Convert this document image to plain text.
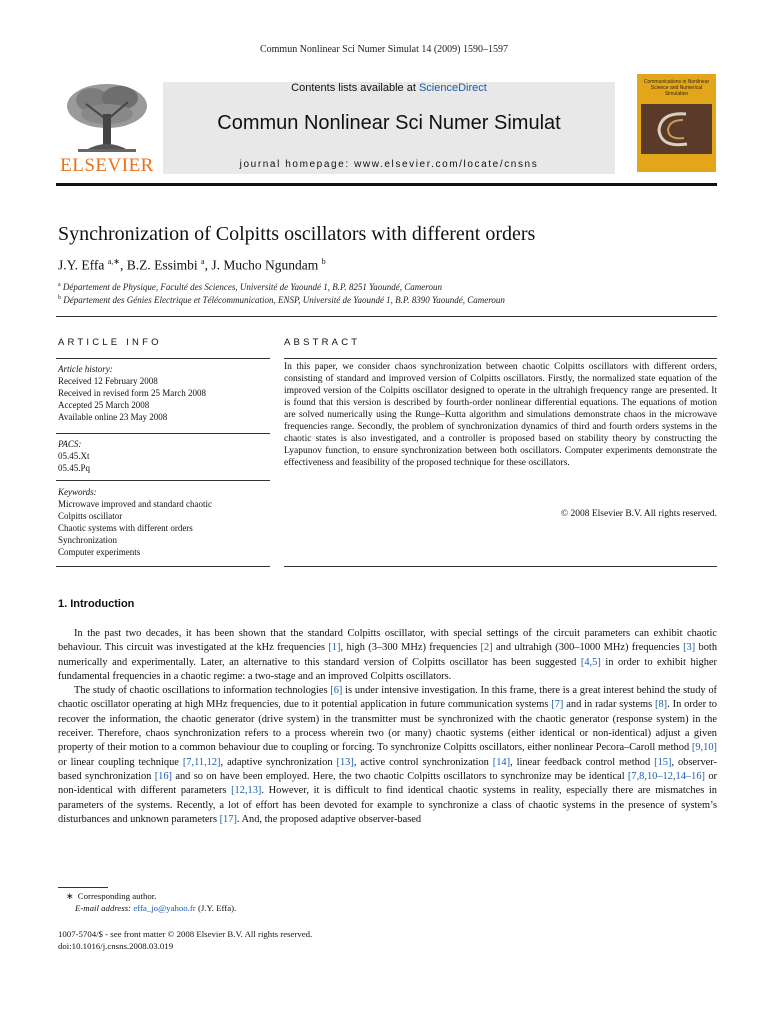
Commun Nonlinear Sci Numer Simulat 14 (2009) 1590–1597
ELSEVIER
Contents lists available at ScienceDirect
Commun Nonlinear Sci Numer Simulat
journal homepage: www.elsevier.com/locate/cnsns
Communications in Nonlinear Science and Numerical Simulation
Synchronization of Colpitts oscillators with different orders
J.Y. Effa $^{a,∗}$, B.Z. Essimbi $^a$, J. Mucho Ngundam $^b$
$^a$ Département de Physique, Faculté des Sciences, Université de Yaoundé 1, B.P. 8251 Yaoundé, Cameroun
$^b$ Département des Génies Electrique et Télécommunication, ENSP, Université de Yaoundé 1, B.P. 8390 Yaoundé, Cameroun
ARTICLE INFO
Article history:
Received 12 February 2008
Received in revised form 25 March 2008
Accepted 25 March 2008
Available online 23 May 2008
PACS:
05.45.Xt
05.45.Pq
Keywords:
Microwave improved and standard chaotic
Colpitts oscillator
Chaotic systems with different orders
Synchronization
Computer experiments
ABSTRACT
In this paper, we consider chaos synchronization between chaotic Colpitts oscillators with different orders, consisting of standard and improved version of Colpitts oscillators. Firstly, the normalized state equation of the improved version of the Colpitts oscillator designed to operate in the ultrahigh frequency range are presented. It is found that this version is described by fourth-order nonlinear differential equations. The equations of motion are solved numerically using the Runge–Kutta algorithm and simulations demonstrate chaos in the microwave frequencies range. Secondly, the problem of synchronization dynamics of third and fourth orders systems in the chaotic states is also investigated, and a controller is proposed based on stability theory by constructing the Lyapunov function, to ensure synchronization between both oscillators. Computer experiments demonstrate the effectiveness and feasibility of the proposed technique for these oscillators.
© 2008 Elsevier B.V. All rights reserved.
1. Introduction

In the past two decades, it has been shown that the standard Colpitts oscillator, with special settings of the circuit parameters can exhibit chaotic behaviour. This circuit was investigated at the kHz frequencies [1], high (3–300 MHz) frequencies [2] and ultrahigh (300–1000 MHz) frequencies [3] both numerically and experimentally. Later, an alternative to this standard version of Colpitts oscillator has been suggested [4,5] in order to exhibit higher fundamental frequencies in a chaotic regime: a two-stage and an improved Colpitts oscillators.

The study of chaotic oscillations to information technologies [6] is under intensive investigation. In this frame, there is a great interest behind the study of chaotic oscillator operating at high MHz frequencies, due to it potential application in future communication systems [7] and in radar systems [8]. In order to recover the information, the chaotic generator (drive system) in the transmitter must be synchronized with the chaotic generator (response system) in the receiver. Therefore, chaos synchronization refers to a process wherein two (or many) chaotic systems (either identical or non-identical) adjust a given property of their motion to a common behaviour due to coupling or forcing. To synchronize Colpitts oscillators, either nonlinear Pecora–Caroll method [9,10] or linear coupling technique [7,11,12], adaptive synchronization [13], active control synchronization [14], linear feedback control method [15], observer-based synchronization [16] and so on have been employed. Here, the two chaotic Colpitts oscillators to synchronize may be identical [7,8,10–12,14–16] or non-identical with different parameters [12,13]. However, it is difficult to find identical chaotic systems in reality, especially there are mismatches in parameters of the systems. Recently, a lot of effort has been devoted for example to synchronize a class of chaotic systems in the presence of system’s disturbances and unknown parameters [17]. And, the proposed adaptive observer-based

∗ Corresponding author.
E-mail address: effa_jo@yahoo.fr (J.Y. Effa).
1007-5704/$ - see front matter © 2008 Elsevier B.V. All rights reserved.
doi:10.1016/j.cnsns.2008.03.019
